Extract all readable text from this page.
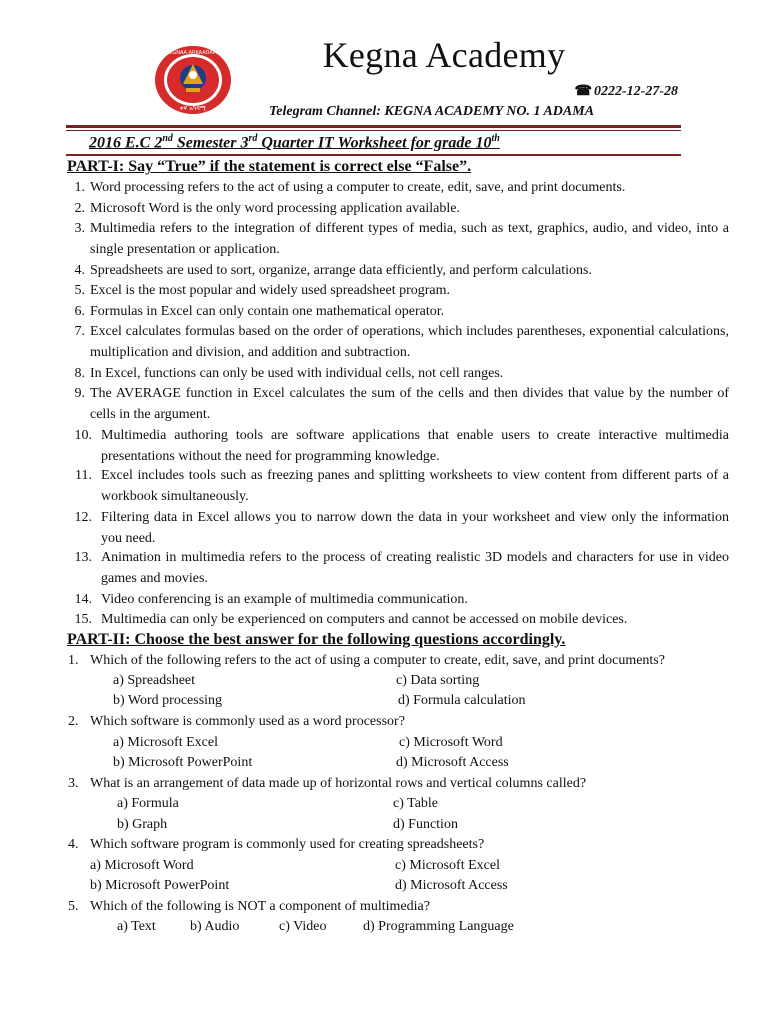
KEGNAA ARKAADAMII
ቀኛ አካዳሚ
Kegna Academy
☎ 0222-12-27-28
Telegram Channel: KEGNA ACADEMY NO. 1 ADAMA
2016 E.C 2nd Semester 3rd Quarter IT Worksheet for grade 10th
PART-I: Say “True” if the statement is correct else “False”.
1. Word processing refers to the act of using a computer to create, edit, save, and print documents.
2. Microsoft Word is the only word processing application available.
3. Multimedia refers to the integration of different types of media, such as text, graphics, audio, and video, into a single presentation or application.
4. Spreadsheets are used to sort, organize, arrange data efficiently, and perform calculations.
5. Excel is the most popular and widely used spreadsheet program.
6. Formulas in Excel can only contain one mathematical operator.
7. Excel calculates formulas based on the order of operations, which includes parentheses, exponential calculations, multiplication and division, and addition and subtraction.
8. In Excel, functions can only be used with individual cells, not cell ranges.
9. The AVERAGE function in Excel calculates the sum of the cells and then divides that value by the number of cells in the argument.
10. Multimedia authoring tools are software applications that enable users to create interactive multimedia presentations without the need for programming knowledge.
11. Excel includes tools such as freezing panes and splitting worksheets to view content from different parts of a workbook simultaneously.
12. Filtering data in Excel allows you to narrow down the data in your worksheet and view only the information you need.
13. Animation in multimedia refers to the process of creating realistic 3D models and characters for use in video games and movies.
14. Video conferencing is an example of multimedia communication.
15. Multimedia can only be experienced on computers and cannot be accessed on mobile devices.
PART-II: Choose the best answer for the following questions accordingly.
1. Which of the following refers to the act of using a computer to create, edit, save, and print documents?
a) Spreadsheet	c) Data sorting
b) Word processing	d) Formula calculation
2. Which software is commonly used as a word processor?
a) Microsoft Excel	c) Microsoft Word
b) Microsoft PowerPoint	d) Microsoft Access
3. What is an arrangement of data made up of horizontal rows and vertical columns called?
a) Formula	c) Table
b) Graph	d) Function
4. Which software program is commonly used for creating spreadsheets?
a) Microsoft Word	c) Microsoft Excel
b) Microsoft PowerPoint	d) Microsoft Access
5. Which of the following is NOT a component of multimedia?
a) Text b) Audio	c) Video	d) Programming Language
